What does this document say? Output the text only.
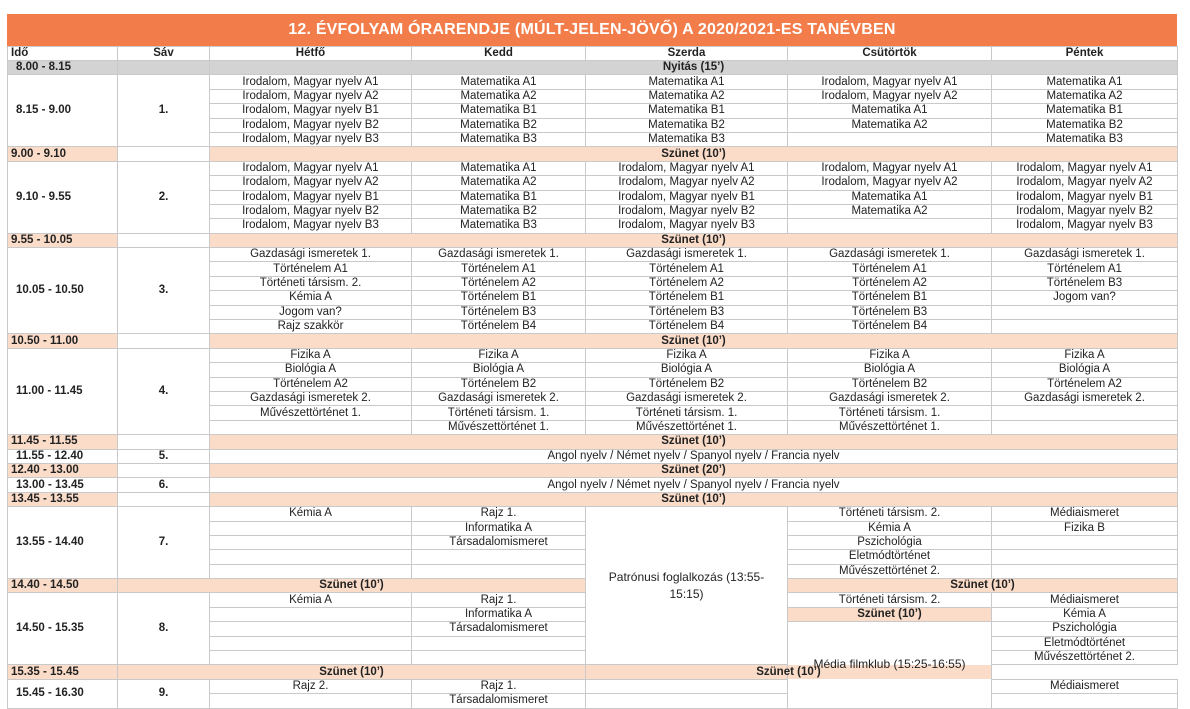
12. ÉVFOLYAM ÓRARENDJE (MÚLT-JELEN-JÖVŐ) A 2020/2021-ES TANÉVBEN
Idő	Sáv	Hétfő	Kedd	Szerda	Csütörtök	Péntek	
8.00 - 8.15		Nyitás (15’)					
8.15 - 9.00	1.	Irodalom, Magyar nyelv A1	Matematika A1	Matematika A1	Irodalom, Magyar nyelv A1	Matematika A1	
		Irodalom, Magyar nyelv A2	Matematika A2	Matematika A2	Irodalom, Magyar nyelv A2	Matematika A2	
		Irodalom, Magyar nyelv B1	Matematika B1	Matematika B1	Matematika A1	Matematika B1	
		Irodalom, Magyar nyelv B2	Matematika B2	Matematika B2	Matematika A2	Matematika B2	
		Irodalom, Magyar nyelv B3	Matematika B3	Matematika B3		Matematika B3	
9.00 - 9.10		Szünet (10’)					
9.10 - 9.55	2.	Irodalom, Magyar nyelv A1	Matematika A1	Irodalom, Magyar nyelv A1	Irodalom, Magyar nyelv A1	Irodalom, Magyar nyelv A1	
		Irodalom, Magyar nyelv A2	Matematika A2	Irodalom, Magyar nyelv A2	Irodalom, Magyar nyelv A2	Irodalom, Magyar nyelv A2	
		Irodalom, Magyar nyelv B1	Matematika B1	Irodalom, Magyar nyelv B1	Matematika A1	Irodalom, Magyar nyelv B1	
		Irodalom, Magyar nyelv B2	Matematika B2	Irodalom, Magyar nyelv B2	Matematika A2	Irodalom, Magyar nyelv B2	
		Irodalom, Magyar nyelv B3	Matematika B3	Irodalom, Magyar nyelv B3		Irodalom, Magyar nyelv B3	
9.55 - 10.05		Szünet (10’)					
10.05 - 10.50	3.	Gazdasági ismeretek 1.	Gazdasági ismeretek 1.	Gazdasági ismeretek 1.	Gazdasági ismeretek 1.	Gazdasági ismeretek 1.	
		Történelem A1	Történelem A1	Történelem A1	Történelem A1	Történelem A1	
		Történeti társism. 2.	Történelem A2	Történelem A2	Történelem A2	Történelem B3	
		Kémia A	Történelem B1	Történelem B1	Történelem B1	Jogom van?	
		Jogom van?	Történelem B3	Történelem B3	Történelem B3		
		Rajz szakkör	Történelem B4	Történelem B4	Történelem B4		
10.50 - 11.00		Szünet (10’)					
11.00 - 11.45	4.	Fizika A	Fizika A	Fizika A	Fizika A	Fizika A	
		Biológia A	Biológia A	Biológia A	Biológia A	Biológia A	
		Történelem A2	Történelem B2	Történelem B2	Történelem B2	Történelem A2	
		Gazdasági ismeretek 2.	Gazdasági ismeretek 2.	Gazdasági ismeretek 2.	Gazdasági ismeretek 2.	Gazdasági ismeretek 2.	
		Művészettörténet 1.	Történeti társism. 1.	Történeti társism. 1.	Történeti társism. 1.		
			Művészettörténet 1.	Művészettörténet 1.	Művészettörténet 1.		
11.45 - 11.55		Szünet (10’)					
11.55 - 12.40	5.	Angol nyelv / Német nyelv / Spanyol nyelv / Francia nyelv					
12.40 - 13.00		Szünet (20’)					
13.00 - 13.45	6.	Angol nyelv / Német nyelv / Spanyol nyelv / Francia nyelv					
13.45 - 13.55		Szünet (10’)					
13.55 - 14.40	7.	Kémia A	Rajz 1.	Patrónusi foglalkozás (13:55-15:15)	Történeti társism. 2.	Médiaismeret	
			Informatika A		Kémia A	Fizika B	
			Társadalomismeret		Pszichológia		
					Életmódtörténet		
					Művészettörténet 2.		
14.40 - 14.50	Szünet (10’)				Szünet (10’)		
14.50 - 15.35	8.	Kémia A	Rajz 1.		Történeti társism. 2.	Médiaismeret	
			Informatika A		Szünet (10’)	Kémia A	
			Társadalomismeret		Média filmklub (15:25-16:55)	Pszichológia	
						Életmódtörténet	
						Művészettörténet 2.	
15.35 - 15.45	Szünet (10’)			Szünet (10’)			
15.45 - 16.30	9.	Rajz 2.	Rajz 1.			Médiaismeret	
			Társadalomismeret				
